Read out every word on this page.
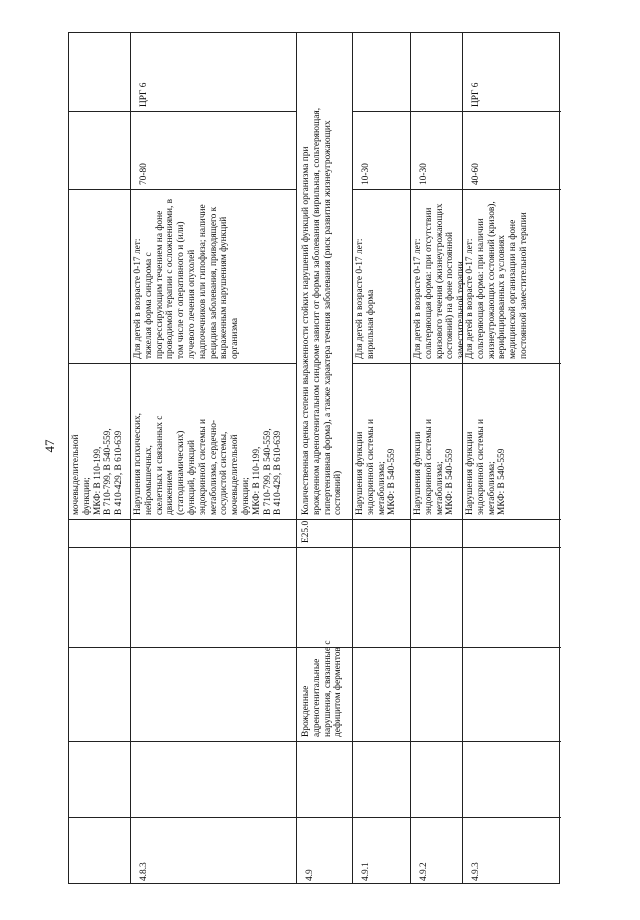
47 мочевыделительной функции; МКФ: В 110-199, В 710-799, В 540-559, В 410-429, В 610-639
4.8.3
Нарушения психических, нейромышечных, скелетных и связанных с движением (статодинамических) функций, функций эндокринной системы и метаболизма, сердечно- сосудистой системы, мочевыделительной функции; МКФ: В 110-199, В 710-799, В 540-559, В 410-429, В 610-639
Для детей в возрасте 0-17 лет: тяжелая форма синдрома с прогрессирующим течением на фоне проводимой терапии с осложнениями, в том числе от оперативного и (или) лучевого лечения опухолей надпочечников или гипофиза; наличие рецидива заболевания, приводящего к выраженным нарушениям функций организма
70-80
ЦРГ 6
4.9
Врожденные адреногенитальные нарушения, связанные с дефицитом ферментов
E25.0
Количественная оценка степени выраженности стойких нарушений функций организма при врожденном адреногенитальном синдроме зависит от формы заболевания (вирильная, сольтеряющая, гипертензивная форма), а также характера течения заболевания (риск развития жизнеугрожающих состояний)
4.9.1
Нарушения функции эндокринной системы и метаболизма; МКФ: В 540-559
Для детей в возрасте 0-17 лет: вирильная форма
10-30
4.9.2
Нарушения функции эндокринной системы и метаболизма; МКФ: В 540-559
Для детей в возрасте 0-17 лет: сольтеряющая форма: при отсутствии кризового течения (жизнеугрожающих состояний) на фоне постоянной заместительной терапии
10-30
4.9.3
Нарушения функции эндокринной системы и метаболизма; МКФ: В 540-559
Для детей в возрасте 0-17 лет: сольтеряющая форма: при наличии жизнеугрожающих состояний (кризов), верифицированных в условиях медицинской организации на фоне постоянной заместительной терапии
40-60
ЦРГ 6
